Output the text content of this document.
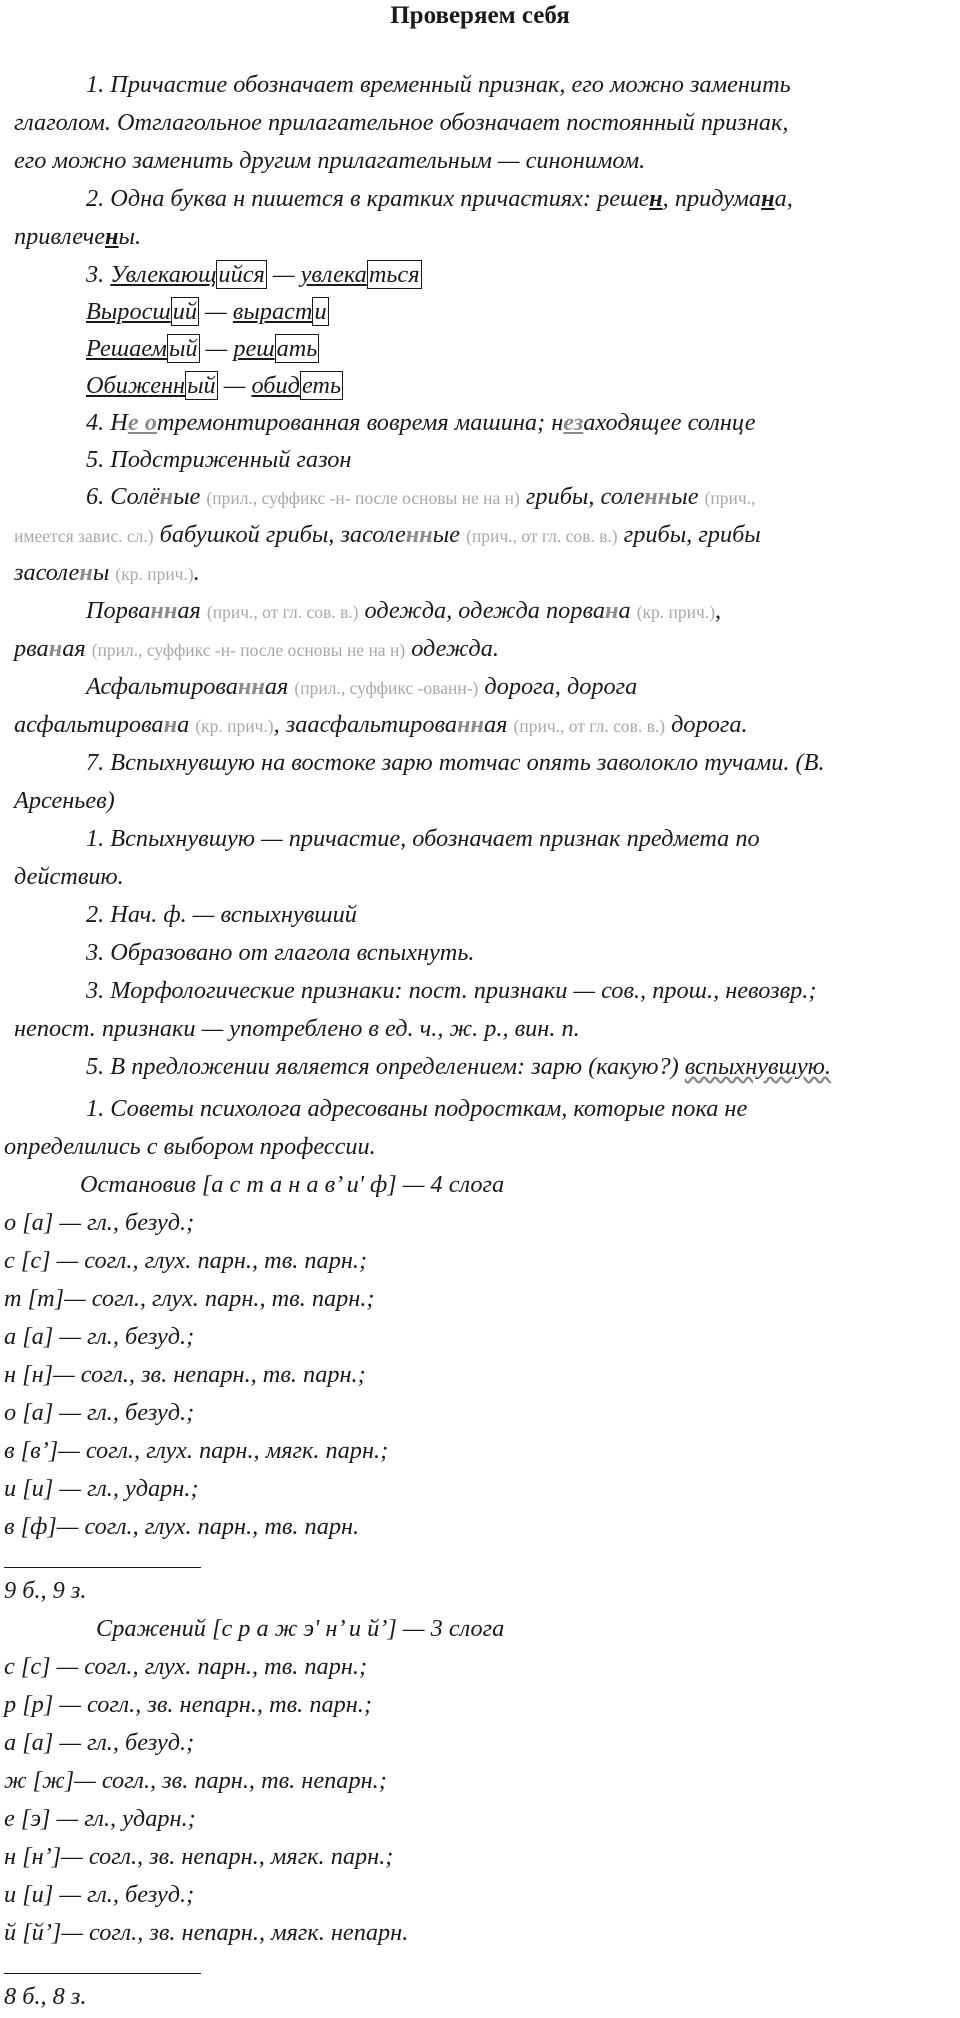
Проверяем себя
1. Причастие обозначает временный признак, его можно заменить
глаголом. Отглагольное прилагательное обозначает постоянный признак,
его можно заменить другим прилагательным — синонимом.
2. Одна буква н пишется в кратких причастиях: решен, придумана,
привлечены.
3. Увлекающийся — увлекаться
Выросший — вырасти
Решаемый — решать
Обиженный — обидеть
4. Не отремонтированная вовремя машина; незаходящее солнце
5. Подстриженный газон
6. Солёные (прил., суффикс -н- после основы не на н) грибы, соленные (прич.,
имеется завис. сл.) бабушкой грибы, засоленные (прич., от гл. сов. в.) грибы, грибы
засолены (кр. прич.).
Порванная (прич., от гл. сов. в.) одежда, одежда порвана (кр. прич.),
рваная (прил., суффикс -н- после основы не на н) одежда.
Асфальтированная (прил., суффикс -ованн-) дорога, дорога
асфальтирована (кр. прич.), заасфальтированная (прич., от гл. сов. в.) дорога.
7. Вспыхнувшую на востоке зарю тотчас опять заволокло тучами. (В.
Арсеньев)
1. Вспыхнувшую — причастие, обозначает признак предмета по
действию.
2. Нач. ф. — вспыхнувший
3. Образовано от глагола вспыхнуть.
3. Морфологические признаки: пост. признаки — сов., прош., невозвр.;
непост. признаки — употреблено в ед. ч., ж. р., вин. п.
5. В предложении является определением: зарю (какую?) вспыхнувшую.
1. Советы психолога адресованы подросткам, которые пока не
определились с выбором профессии.
Остановив [а с т а н а в’ и' ф] — 4 слога
о [а] — гл., безуд.;
с [с] — согл., глух. парн., тв. парн.;
т [т]— согл., глух. парн., тв. парн.;
а [а] — гл., безуд.;
н [н]— согл., зв. непарн., тв. парн.;
о [а] — гл., безуд.;
в [в’]— согл., глух. парн., мягк. парн.;
и [и] — гл., ударн.;
в [ф]— согл., глух. парн., тв. парн.
9 б., 9 з.
Сражений [с р а ж э' н’ и й’] — 3 слога
с [с] — согл., глух. парн., тв. парн.;
р [р] — согл., зв. непарн., тв. парн.;
а [а] — гл., безуд.;
ж [ж]— согл., зв. парн., тв. непарн.;
е [э] — гл., ударн.;
н [н’]— согл., зв. непарн., мягк. парн.;
и [и] — гл., безуд.;
й [й’]— согл., зв. непарн., мягк. непарн.
8 б., 8 з.
